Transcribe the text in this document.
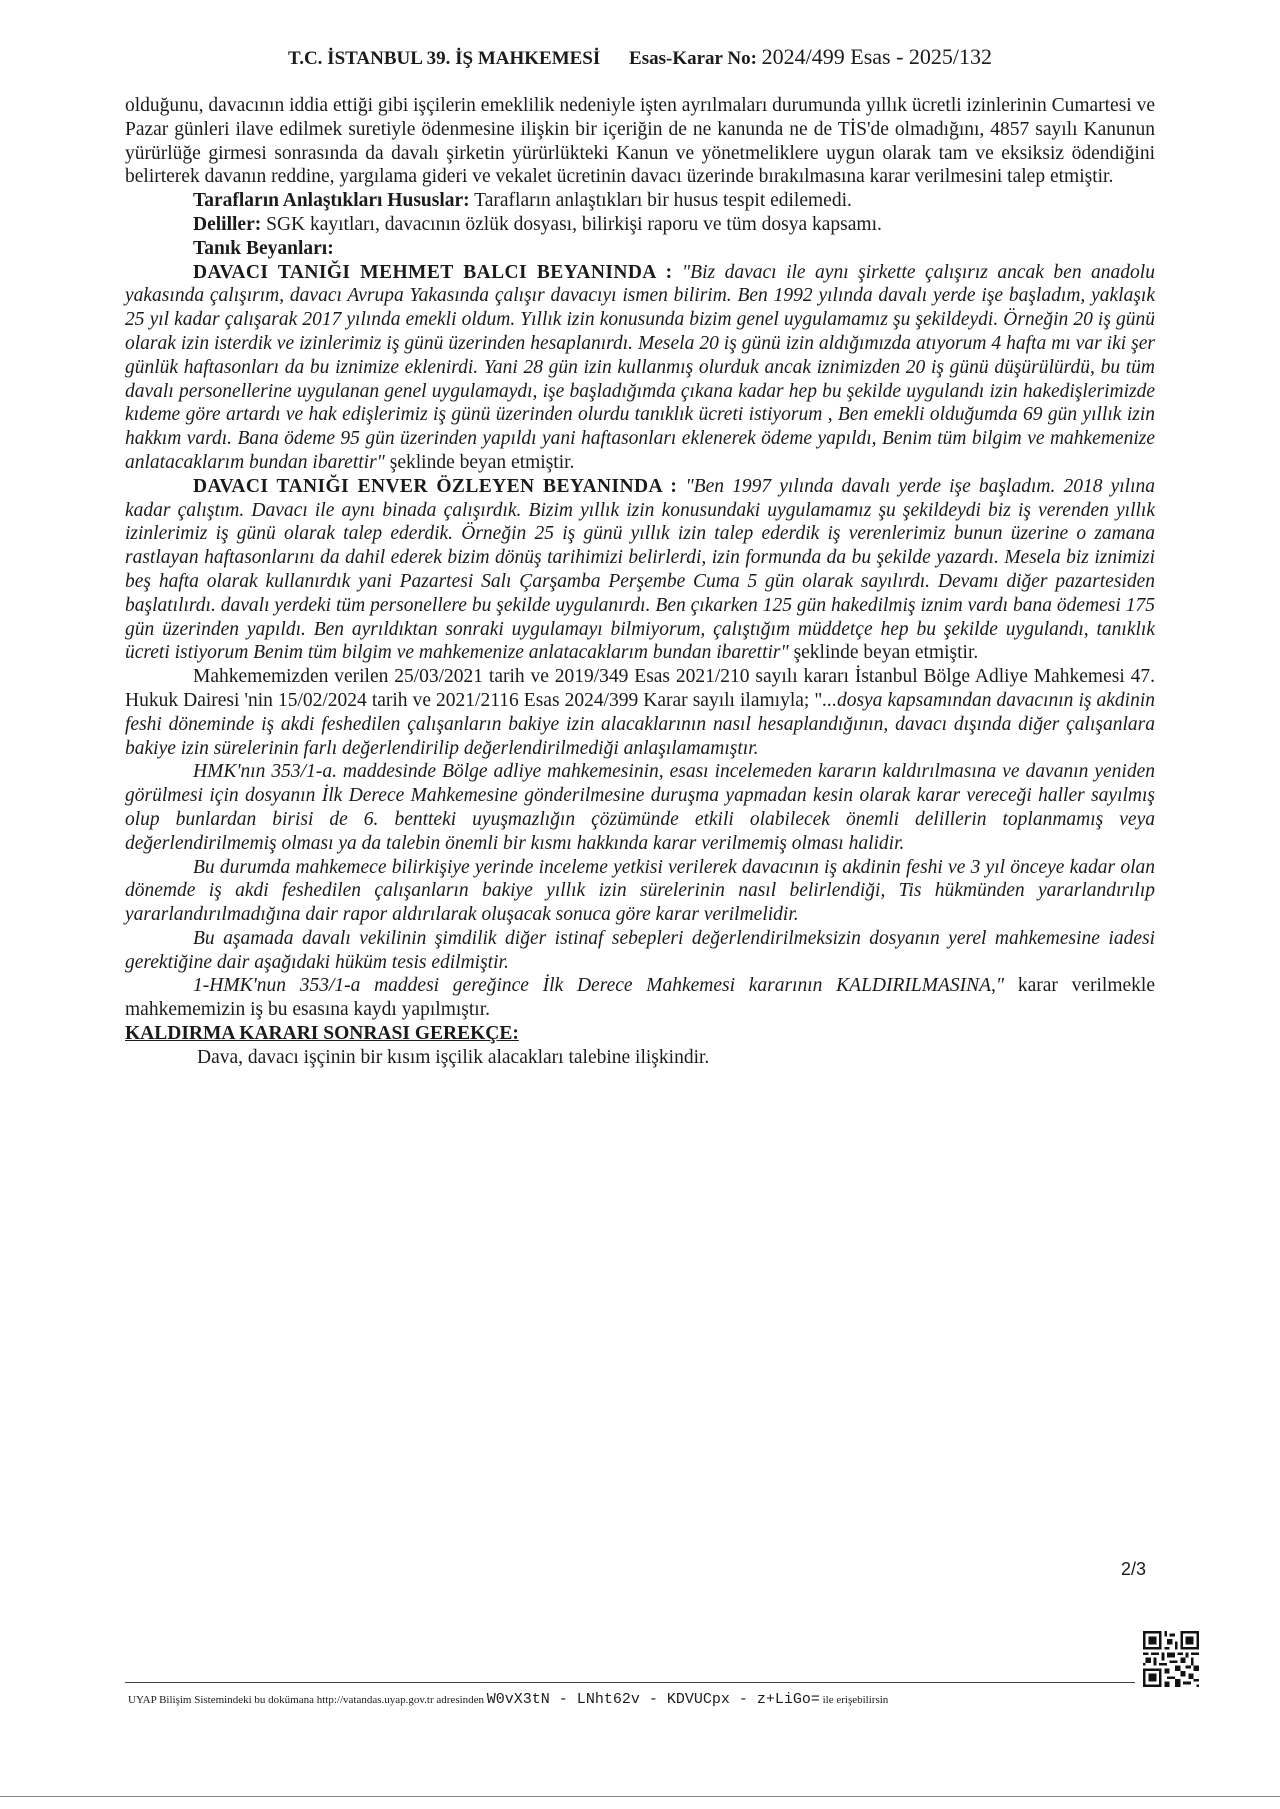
T.C. İSTANBUL 39. İŞ MAHKEMESİ Esas-Karar No: 2024/499 Esas - 2025/132

olduğunu, davacının iddia ettiği gibi işçilerin emeklilik nedeniyle işten ayrılmaları durumunda yıllık ücretli izinlerinin Cumartesi ve Pazar günleri ilave edilmek suretiyle ödenmesine ilişkin bir içeriğin de ne kanunda ne de TİS'de olmadığını, 4857 sayılı Kanunun yürürlüğe girmesi sonrasında da davalı şirketin yürürlükteki Kanun ve yönetmeliklere uygun olarak tam ve eksiksiz ödendiğini belirterek davanın reddine, yargılama gideri ve vekalet ücretinin davacı üzerinde bırakılmasına karar verilmesini talep etmiştir.

Tarafların Anlaştıkları Hususlar: Tarafların anlaştıkları bir husus tespit edilemedi.

Deliller: SGK kayıtları, davacının özlük dosyası, bilirkişi raporu ve tüm dosya kapsamı.

Tanık Beyanları:

DAVACI TANIĞI MEHMET BALCI BEYANINDA : "Biz davacı ile aynı şirkette çalışırız ancak ben anadolu yakasında çalışırım, davacı Avrupa Yakasında çalışır davacıyı ismen bilirim. Ben 1992 yılında davalı yerde işe başladım, yaklaşık 25 yıl kadar çalışarak 2017 yılında emekli oldum. Yıllık izin konusunda bizim genel uygulamamız şu şekildeydi. Örneğin 20 iş günü olarak izin isterdik ve izinlerimiz iş günü üzerinden hesaplanırdı. Mesela 20 iş günü izin aldığımızda atıyorum 4 hafta mı var iki şer günlük haftasonları da bu iznimize eklenirdi. Yani 28 gün izin kullanmış olurduk ancak iznimizden 20 iş günü düşürülürdü, bu tüm davalı personellerine uygulanan genel uygulamaydı, işe başladığımda çıkana kadar hep bu şekilde uygulandı izin hakedişlerimizde kıdeme göre artardı ve hak edişlerimiz iş günü üzerinden olurdu tanıklık ücreti istiyorum , Ben emekli olduğumda 69 gün yıllık izin hakkım vardı. Bana ödeme 95 gün üzerinden yapıldı yani haftasonları eklenerek ödeme yapıldı, Benim tüm bilgim ve mahkemenize anlatacaklarım bundan ibarettir" şeklinde beyan etmiştir.

DAVACI TANIĞI ENVER ÖZLEYEN BEYANINDA : "Ben 1997 yılında davalı yerde işe başladım. 2018 yılına kadar çalıştım. Davacı ile aynı binada çalışırdık. Bizim yıllık izin konusundaki uygulamamız şu şekildeydi biz iş verenden yıllık izinlerimiz iş günü olarak talep ederdik. Örneğin 25 iş günü yıllık izin talep ederdik iş verenlerimiz bunun üzerine o zamana rastlayan haftasonlarını da dahil ederek bizim dönüş tarihimizi belirlerdi, izin formunda da bu şekilde yazardı. Mesela biz iznimizi beş hafta olarak kullanırdık yani Pazartesi Salı Çarşamba Perşembe Cuma 5 gün olarak sayılırdı. Devamı diğer pazartesiden başlatılırdı. davalı yerdeki tüm personellere bu şekilde uygulanırdı. Ben çıkarken 125 gün hakedilmiş iznim vardı bana ödemesi 175 gün üzerinden yapıldı. Ben ayrıldıktan sonraki uygulamayı bilmiyorum, çalıştığım müddetçe hep bu şekilde uygulandı, tanıklık ücreti istiyorum Benim tüm bilgim ve mahkemenize anlatacaklarım bundan ibarettir" şeklinde beyan etmiştir.

Mahkememizden verilen 25/03/2021 tarih ve 2019/349 Esas 2021/210 sayılı kararı İstanbul Bölge Adliye Mahkemesi 47. Hukuk Dairesi 'nin 15/02/2024 tarih ve 2021/2116 Esas 2024/399 Karar sayılı ilamıyla; "...dosya kapsamından davacının iş akdinin feshi döneminde iş akdi feshedilen çalışanların bakiye izin alacaklarının nasıl hesaplandığının, davacı dışında diğer çalışanlara bakiye izin sürelerinin farlı değerlendirilip değerlendirilmediği anlaşılamamıştır.

HMK'nın 353/1-a. maddesinde Bölge adliye mahkemesinin, esası incelemeden kararın kaldırılmasına ve davanın yeniden görülmesi için dosyanın İlk Derece Mahkemesine gönderilmesine duruşma yapmadan kesin olarak karar vereceği haller sayılmış olup bunlardan birisi de 6. bentteki uyuşmazlığın çözümünde etkili olabilecek önemli delillerin toplanmamış veya değerlendirilmemiş olması ya da talebin önemli bir kısmı hakkında karar verilmemiş olması halidir.

Bu durumda mahkemece bilirkişiye yerinde inceleme yetkisi verilerek davacının iş akdinin feshi ve 3 yıl önceye kadar olan dönemde iş akdi feshedilen çalışanların bakiye yıllık izin sürelerinin nasıl belirlendiği, Tis hükmünden yararlandırılıp yararlandırılmadığına dair rapor aldırılarak oluşacak sonuca göre karar verilmelidir.

Bu aşamada davalı vekilinin şimdilik diğer istinaf sebepleri değerlendirilmeksizin dosyanın yerel mahkemesine iadesi gerektiğine dair aşağıdaki hüküm tesis edilmiştir.

1-HMK'nun 353/1-a maddesi gereğince İlk Derece Mahkemesi kararının KALDIRILMASINA," karar verilmekle mahkememizin iş bu esasına kaydı yapılmıştır.

KALDIRMA KARARI SONRASI GEREKÇE:

Dava, davacı işçinin bir kısım işçilik alacakları talebine ilişkindir.

2/3
UYAP Bilişim Sistemindeki bu dokümana http://vatandas.uyap.gov.tr adresinden W0vX3tN - LNht62v - KDVUCpx - z+LiGo= ile erişebilirsin
